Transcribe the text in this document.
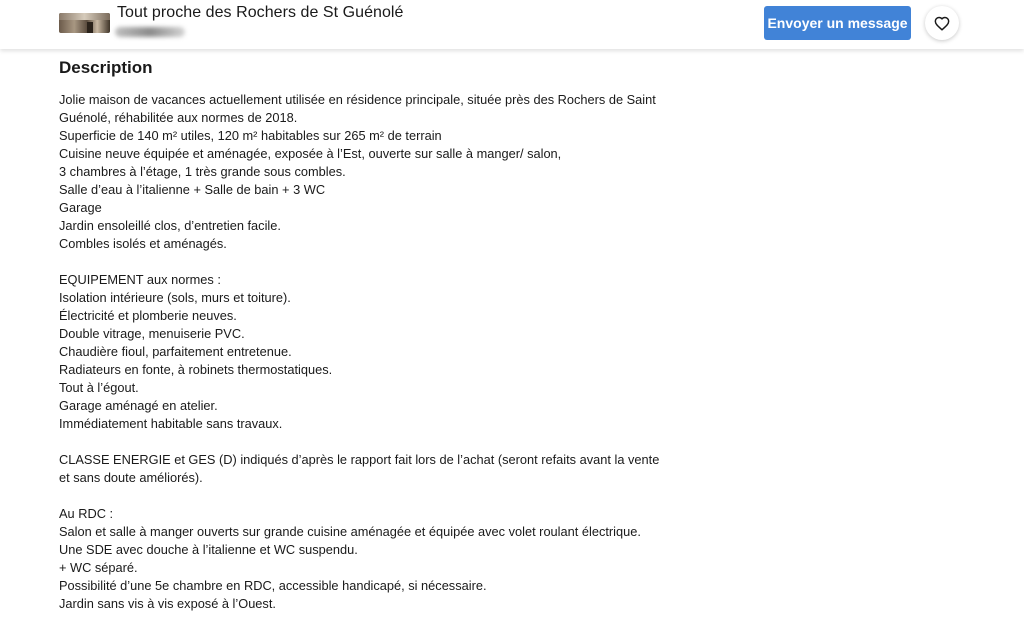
Tout proche des Rochers de St Guénolé
Envoyer un message
Description
Jolie maison de vacances actuellement utilisée en résidence principale, située près des Rochers de Saint
Guénolé, réhabilitée aux normes de 2018.
Superficie de 140 m² utiles, 120 m² habitables sur 265 m² de terrain
Cuisine neuve équipée et aménagée, exposée à l’Est, ouverte sur salle à manger/ salon,
3 chambres à l’étage, 1 très grande sous combles.
Salle d’eau à l’italienne + Salle de bain + 3 WC
Garage
Jardin ensoleillé clos, d’entretien facile.
Combles isolés et aménagés.
EQUIPEMENT aux normes :
Isolation intérieure (sols, murs et toiture).
Électricité et plomberie neuves.
Double vitrage, menuiserie PVC.
Chaudière fioul, parfaitement entretenue.
Radiateurs en fonte, à robinets thermostatiques.
Tout à l’égout.
Garage aménagé en atelier.
Immédiatement habitable sans travaux.
CLASSE ENERGIE et GES (D) indiqués d’après le rapport fait lors de l’achat (seront refaits avant la vente
et sans doute améliorés).
Au RDC :
Salon et salle à manger ouverts sur grande cuisine aménagée et équipée avec volet roulant électrique.
Une SDE avec douche à l’italienne et WC suspendu.
+ WC séparé.
Possibilité d’une 5e chambre en RDC, accessible handicapé, si nécessaire.
Jardin sans vis à vis exposé à l’Ouest.
